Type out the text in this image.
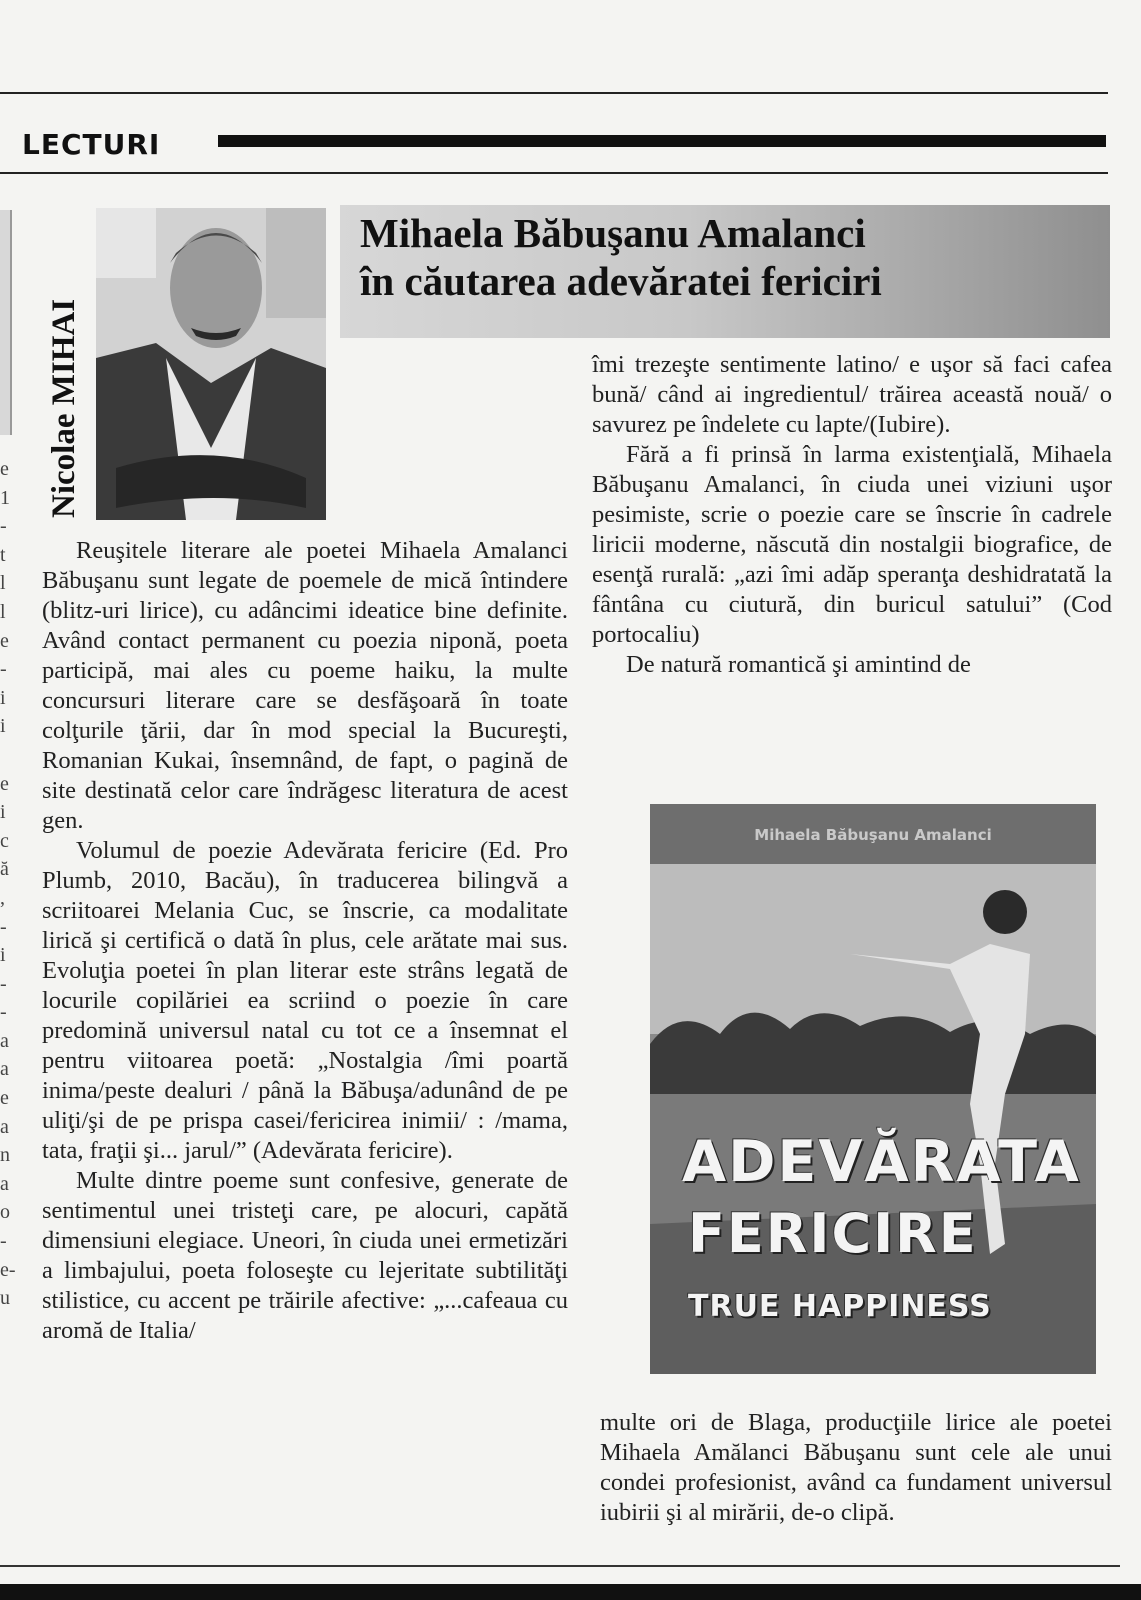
LECTURI
e
1
-
t
l
l
e
-
i
i

e
i
c
ă
,
-
i
-
-
a
a
e
a
n
a
o
-
e-
u
Nicolae MIHAI
Mihaela Băbuşanu Amalanci
în căutarea adevăratei fericiri

Reuşitele literare ale poetei Mihaela Amalanci Băbuşanu sunt legate de poemele de mică întindere (blitz-uri lirice), cu adâncimi ideatice bine definite. Având contact permanent cu poezia niponă, poeta participă, mai ales cu poeme haiku, la multe concursuri literare care se desfăşoară în toate colţurile ţării, dar în mod special la Bucureşti, Romanian Kukai, însemnând, de fapt, o pagină de site destinată celor care îndrăgesc literatura de acest gen.

Volumul de poezie Adevărata fericire (Ed. Pro Plumb, 2010, Bacău), în traducerea bilingvă a scriitoarei Melania Cuc, se înscrie, ca modalitate lirică şi certifică o dată în plus, cele arătate mai sus. Evoluţia poetei în plan literar este strâns legată de locurile copilăriei ea scriind o poezie în care predomină universul natal cu tot ce a însemnat el pentru viitoarea poetă: „Nostalgia /îmi poartă inima/peste dealuri / până la Băbuşa/adunând de pe uliţi/şi de pe prispa casei/fericirea inimii/ : /mama, tata, fraţii şi... jarul/” (Adevărata fericire).

Multe dintre poeme sunt confesive, generate de sentimentul unei tristeţi care, pe alocuri, capătă dimensiuni elegiace. Uneori, în ciuda unei ermetizări a limbajului, poeta foloseşte cu lejeritate subtilităţi stilistice, cu accent pe trăirile afective: „...cafeaua cu aromă de Italia/

îmi trezeşte sentimente latino/ e uşor să faci cafea bună/ când ai ingredientul/ trăirea această nouă/ o savurez pe îndelete cu lapte/(Iubire).

Fără a fi prinsă în larma existenţială, Mihaela Băbuşanu Amalanci, în ciuda unei viziuni uşor pesimiste, scrie o poezie care se înscrie în cadrele liricii moderne, născută din nostalgii biografice, de esenţă rurală: „azi îmi adăp speranţa deshidratată la fântâna cu ciutură, din buricul satului” (Cod portocaliu)

De natură romantică şi amintind de

Mihaela Băbuşanu Amalanci
ADEVĂRATA
FERICIRE
TRUE HAPPINESS

multe ori de Blaga, producţiile lirice ale poetei Mihaela Amălanci Băbuşanu sunt cele ale unui condei profesionist, având ca fundament universul iubirii şi al mirării, de-o clipă.
